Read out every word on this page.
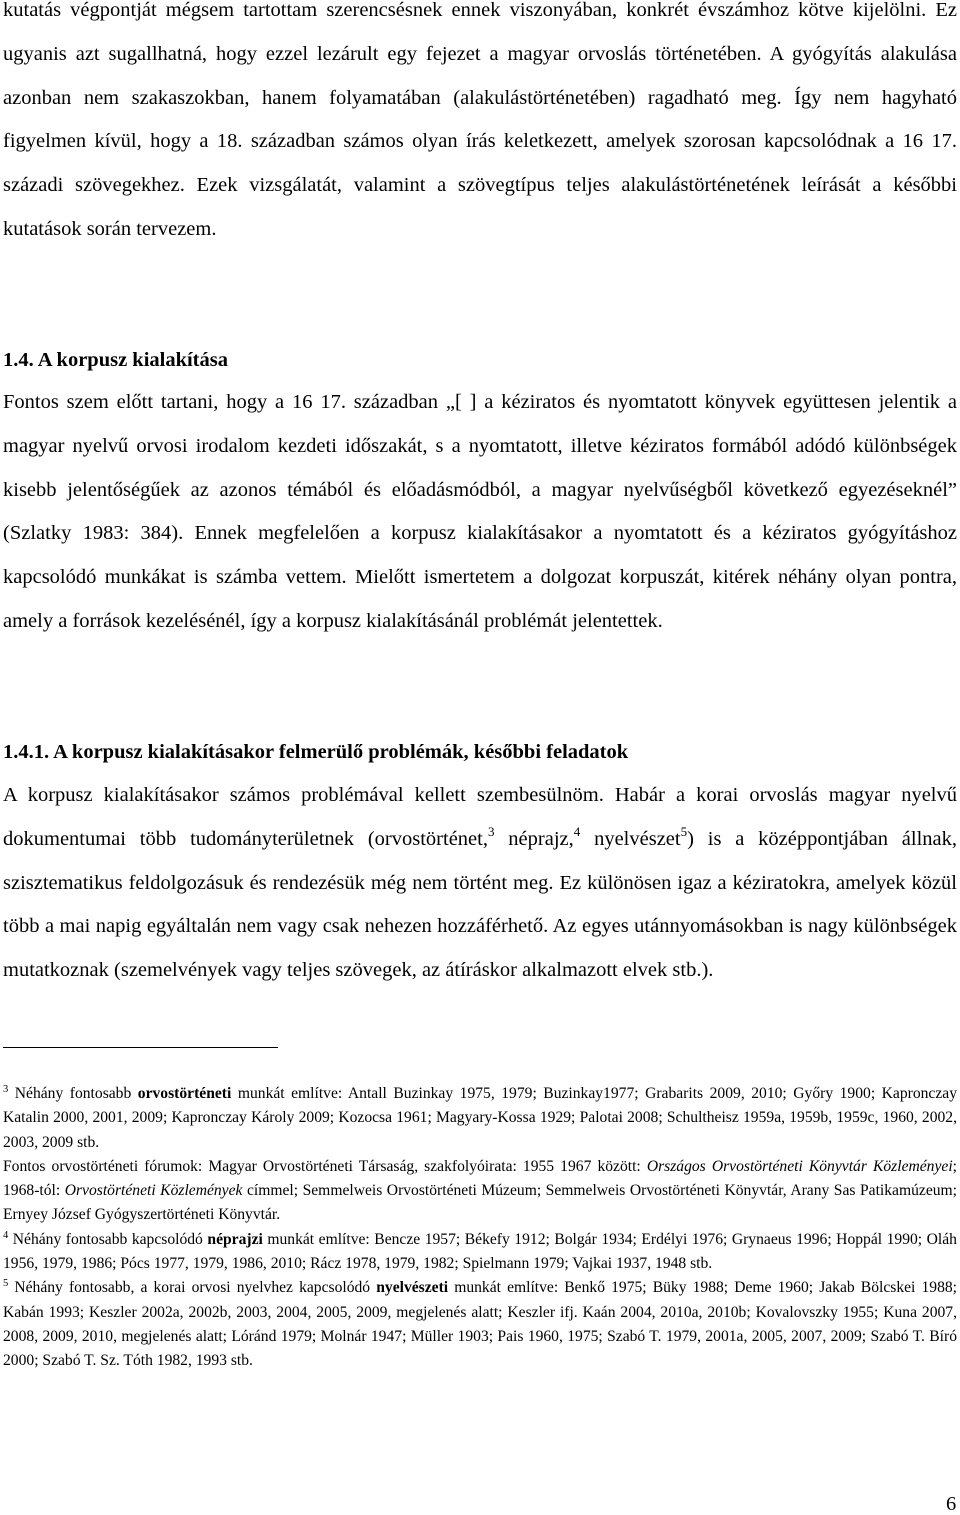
kutatás végpontját mégsem tartottam szerencsésnek ennek viszonyában, konkrét évszámhoz kötve kijelölni. Ez ugyanis azt sugallhatná, hogy ezzel lezárult egy fejezet a magyar orvoslás történetében. A gyógyítás alakulása azonban nem szakaszokban, hanem folyamatában (alakulástörténetében) ragadható meg. Így nem hagyható figyelmen kívül, hogy a 18. században számos olyan írás keletkezett, amelyek szorosan kapcsolódnak a 16 17. századi szövegekhez. Ezek vizsgálatát, valamint a szövegtípus teljes alakulástörténetének leírását a későbbi kutatások során tervezem.

1.4. A korpusz kialakítása

Fontos szem előtt tartani, hogy a 16 17. században „[ ] a kéziratos és nyomtatott könyvek együttesen jelentik a magyar nyelvű orvosi irodalom kezdeti időszakát, s a nyomtatott, illetve kéziratos formából adódó különbségek kisebb jelentőségűek az azonos témából és előadásmódból, a magyar nyelvűségből következő egyezéseknél” (Szlatky 1983: 384). Ennek megfelelően a korpusz kialakításakor a nyomtatott és a kéziratos gyógyításhoz kapcsolódó munkákat is számba vettem. Mielőtt ismertetem a dolgozat korpuszát, kitérek néhány olyan pontra, amely a források kezelésénél, így a korpusz kialakításánál problémát jelentettek.

1.4.1. A korpusz kialakításakor felmerülő problémák, későbbi feladatok

A korpusz kialakításakor számos problémával kellett szembesülnöm. Habár a korai orvoslás magyar nyelvű dokumentumai több tudományterületnek (orvostörténet,$^3$ néprajz,$^4$ nyelvészet$^5$) is a középpontjában állnak, szisztematikus feldolgozásuk és rendezésük még nem történt meg. Ez különösen igaz a kéziratokra, amelyek közül több a mai napig egyáltalán nem vagy csak nehezen hozzáférhető. Az egyes utánnyomásokban is nagy különbségek mutatkoznak (szemelvények vagy teljes szövegek, az átíráskor alkalmazott elvek stb.).

$^3$ Néhány fontosabb orvostörténeti munkát említve: Antall Buzinkay 1975, 1979; Buzinkay1977; Grabarits 2009, 2010; Győry 1900; Kapronczay Katalin 2000, 2001, 2009; Kapronczay Károly 2009; Kozocsa 1961; Magyary-Kossa 1929; Palotai 2008; Schultheisz 1959a, 1959b, 1959c, 1960, 2002, 2003, 2009 stb.

Fontos orvostörténeti fórumok: Magyar Orvostörténeti Társaság, szakfolyóirata: 1955 1967 között: Országos Orvostörténeti Könyvtár Közleményei; 1968-tól: Orvostörténeti Közlemények címmel; Semmelweis Orvostörténeti Múzeum; Semmelweis Orvostörténeti Könyvtár, Arany Sas Patikamúzeum; Ernyey József Gyógyszertörténeti Könyvtár.

$^4$ Néhány fontosabb kapcsolódó néprajzi munkát említve: Bencze 1957; Békefy 1912; Bolgár 1934; Erdélyi 1976; Grynaeus 1996; Hoppál 1990; Oláh 1956, 1979, 1986; Pócs 1977, 1979, 1986, 2010; Rácz 1978, 1979, 1982; Spielmann 1979; Vajkai 1937, 1948 stb.

$^5$ Néhány fontosabb, a korai orvosi nyelvhez kapcsolódó nyelvészeti munkát említve: Benkő 1975; Büky 1988; Deme 1960; Jakab Bölcskei 1988; Kabán 1993; Keszler 2002a, 2002b, 2003, 2004, 2005, 2009, megjelenés alatt; Keszler ifj. Kaán 2004, 2010a, 2010b; Kovalovszky 1955; Kuna 2007, 2008, 2009, 2010, megjelenés alatt; Lóránd 1979; Molnár 1947; Müller 1903; Pais 1960, 1975; Szabó T. 1979, 2001a, 2005, 2007, 2009; Szabó T. Bíró 2000; Szabó T. Sz. Tóth 1982, 1993 stb.

6
